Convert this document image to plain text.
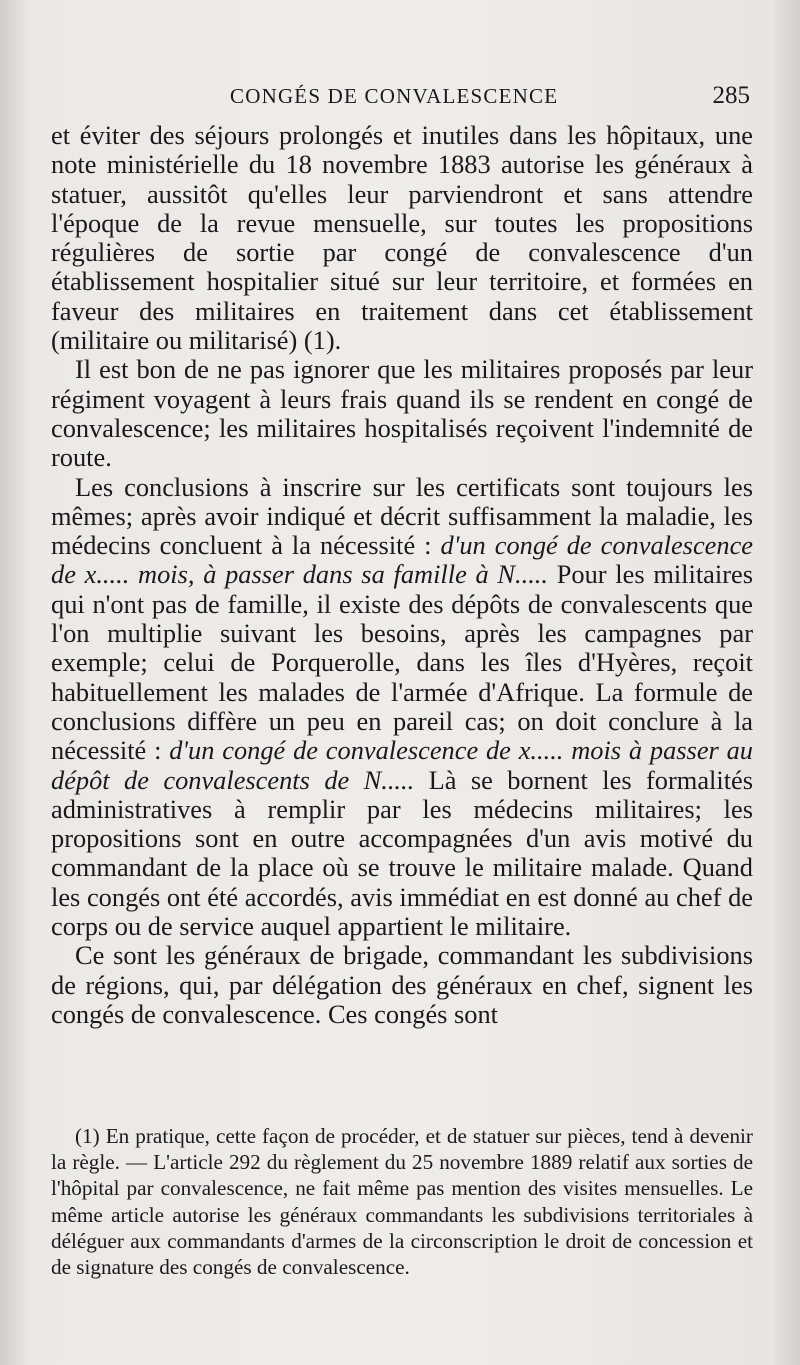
CONGÉS DE CONVALESCENCE	285

et éviter des séjours prolongés et inutiles dans les hôpitaux, une note ministérielle du 18 novembre 1883 autorise les généraux à statuer, aussitôt qu'elles leur parviendront et sans attendre l'époque de la revue mensuelle, sur toutes les propositions régulières de sortie par congé de convalescence d'un établissement hospitalier situé sur leur territoire, et formées en faveur des militaires en traitement dans cet établissement (militaire ou militarisé) (1).

Il est bon de ne pas ignorer que les militaires proposés par leur régiment voyagent à leurs frais quand ils se rendent en congé de convalescence; les militaires hospitalisés reçoivent l'indemnité de route.

Les conclusions à inscrire sur les certificats sont toujours les mêmes; après avoir indiqué et décrit suffisamment la maladie, les médecins concluent à la nécessité : d'un congé de convalescence de x..... mois, à passer dans sa famille à N..... Pour les militaires qui n'ont pas de famille, il existe des dépôts de convalescents que l'on multiplie suivant les besoins, après les campagnes par exemple; celui de Porquerolle, dans les îles d'Hyères, reçoit habituellement les malades de l'armée d'Afrique. La formule de conclusions diffère un peu en pareil cas; on doit conclure à la nécessité : d'un congé de convalescence de x..... mois à passer au dépôt de convalescents de N..... Là se bornent les formalités administratives à remplir par les médecins militaires; les propositions sont en outre accompagnées d'un avis motivé du commandant de la place où se trouve le militaire malade. Quand les congés ont été accordés, avis immédiat en est donné au chef de corps ou de service auquel appartient le militaire.

Ce sont les généraux de brigade, commandant les subdivisions de régions, qui, par délégation des généraux en chef, signent les congés de convalescence. Ces congés sont

(1) En pratique, cette façon de procéder, et de statuer sur pièces, tend à devenir la règle. — L'article 292 du règlement du 25 novembre 1889 relatif aux sorties de l'hôpital par convalescence, ne fait même pas mention des visites mensuelles. Le même article autorise les généraux commandants les subdivisions territoriales à déléguer aux commandants d'armes de la circonscription le droit de concession et de signature des congés de convalescence.
